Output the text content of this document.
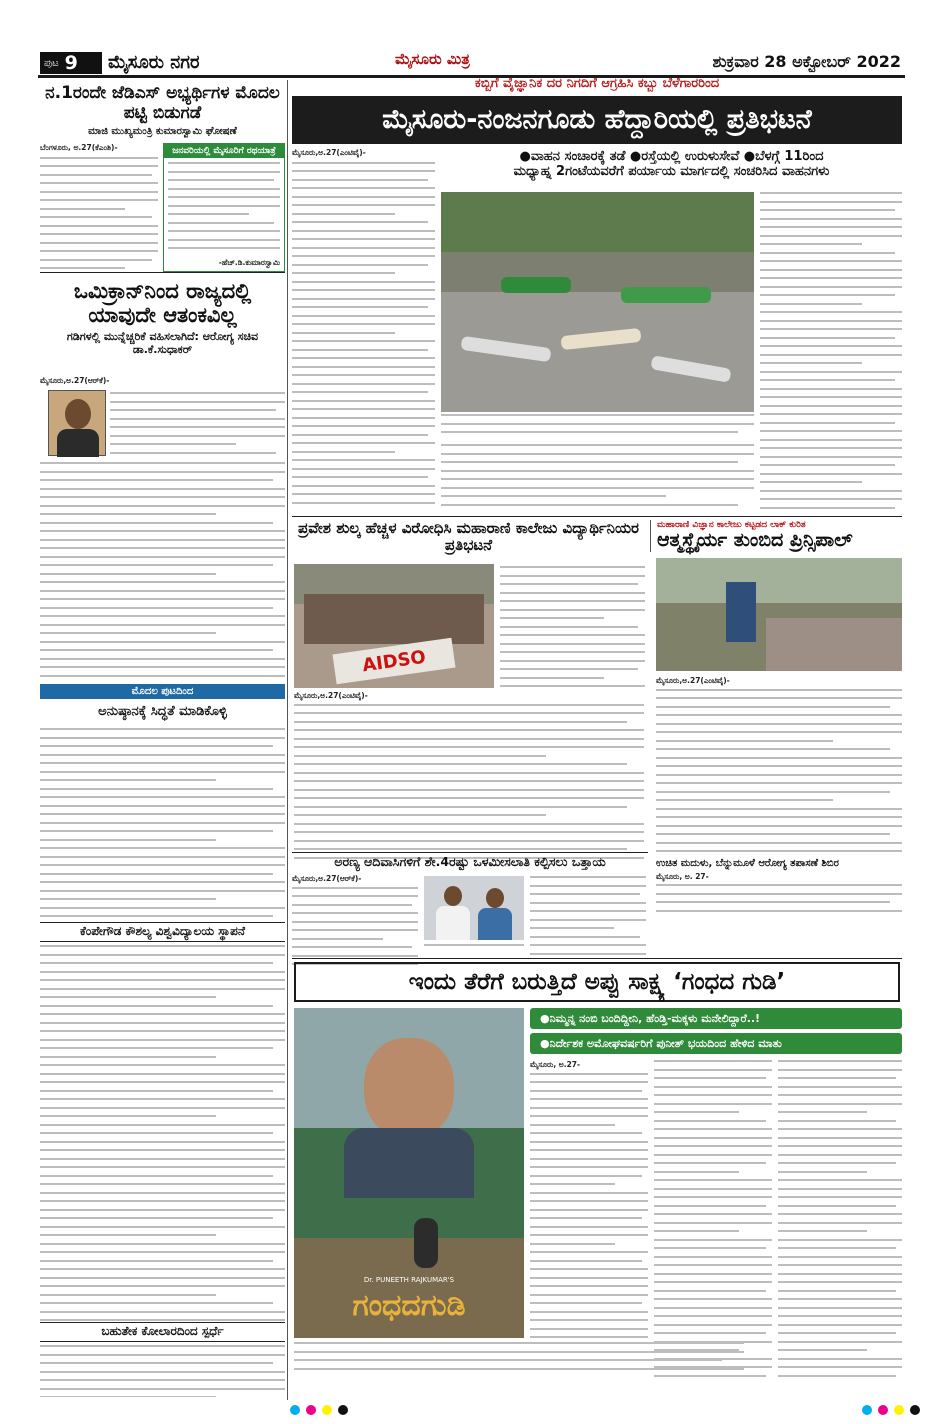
ಪುಟ 9 ಮೈಸೂರು ನಗರ	ಮೈಸೂರು ಮಿತ್ರ	ಶುಕ್ರವಾರ 28 ಅಕ್ಟೋಬರ್ 2022
ನ.1ರಂದೇ ಜೆಡಿಎಸ್ ಅಭ್ಯರ್ಥಿಗಳ ಮೊದಲ ಪಟ್ಟಿ ಬಿಡುಗಡೆ
ಮಾಜಿ ಮುಖ್ಯಮಂತ್ರಿ ಕುಮಾರಸ್ವಾಮಿ ಘೋಷಣೆ
ಬೆಂಗಳೂರು, ಅ.27(ಕೆಎಂಶಿ)-	ಜನವರಿಯಲ್ಲಿ ಮೈಸೂರಿಗೆ ರಥಯಾತ್ರೆ
-ಹೆಚ್.ಡಿ.ಕುಮಾರಸ್ವಾಮಿ
ಒಮಿಕ್ರಾನ್‌ನಿಂದ ರಾಜ್ಯದಲ್ಲಿ ಯಾವುದೇ ಆತಂಕವಿಲ್ಲ
ಗಡಿಗಳಲ್ಲಿ ಮುನ್ನೆಚ್ಚರಿಕೆ ವಹಿಸಲಾಗಿದೆ: ಆರೋಗ್ಯ ಸಚಿವ ಡಾ.ಕೆ.ಸುಧಾಕರ್
ಮೈಸೂರು,ಅ.27(ಆರ್‌ಕೆ)-
ಮೊದಲ ಪುಟದಿಂದ
ಅನುಷ್ಠಾನಕ್ಕೆ ಸಿದ್ಧತೆ ಮಾಡಿಕೊಳ್ಳಿ
ಕೆಂಪೇಗೌಡ ಕೌಶಲ್ಯ ವಿಶ್ವವಿದ್ಯಾಲಯ ಸ್ಥಾಪನೆ
ಬಹುತೇಕ ಕೋಲಾರದಿಂದ ಸ್ಪರ್ಧೆ
ಕಬ್ಬಿಗೆ ವೈಜ್ಞಾನಿಕ ದರ ನಿಗದಿಗೆ ಆಗ್ರಹಿಸಿ ಕಬ್ಬು ಬೆಳೆಗಾರರಿಂದ
ಮೈಸೂರು-ನಂಜನಗೂಡು ಹೆದ್ದಾರಿಯಲ್ಲಿ ಪ್ರತಿಭಟನೆ
ಮೈಸೂರು,ಅ.27(ಎಂಟಿವೈ)-	●ವಾಹನ ಸಂಚಾರಕ್ಕೆ ತಡೆ ●ರಸ್ತೆಯಲ್ಲಿ ಉರುಳುಸೇವೆ ●ಬೆಳಗ್ಗೆ 11ರಿಂದ
ಮಧ್ಯಾಹ್ನ 2ಗಂಟೆಯವರೆಗೆ ಪರ್ಯಾಯ ಮಾರ್ಗದಲ್ಲಿ ಸಂಚರಿಸಿದ ವಾಹನಗಳು
ಪ್ರವೇಶ ಶುಲ್ಕ ಹೆಚ್ಚಳ ವಿರೋಧಿಸಿ ಮಹಾರಾಣಿ ಕಾಲೇಜು ವಿದ್ಯಾರ್ಥಿನಿಯರ ಪ್ರತಿಭಟನೆ
AIDSO
ಮೈಸೂರು,ಅ.27(ಎಂಟಿವೈ)-
ಮಹಾರಾಣಿ ವಿಜ್ಞಾನ ಕಾಲೇಜು ಕಟ್ಟಡದ ಲಾಕ್ ಕುರಿತ
ಆತ್ಮಸ್ಥೈರ್ಯ ತುಂಬಿದ ಪ್ರಿನ್ಸಿಪಾಲ್
ಮೈಸೂರು,ಅ.27(ಎಂಟಿವೈ)-
ಅರಣ್ಯ ಆದಿವಾಸಿಗಳಿಗೆ ಶೇ.4ರಷ್ಟು ಒಳಮೀಸಲಾತಿ ಕಲ್ಪಿಸಲು ಒತ್ತಾಯ
ಮೈಸೂರು,ಅ.27(ಆರ್‌ಕೆ)-
ಉಚಿತ ಮದುಳು, ಬೆನ್ನುಮೂಳೆ ಆರೋಗ್ಯ ತಪಾಸಣೆ ಶಿಬಿರ
ಮೈಸೂರು, ಅ. 27-
ಇಂದು ತೆರೆಗೆ ಬರುತ್ತಿದೆ ಅಪ್ಪು ಸಾಕ್ಷ್ಯ ‘ಗಂಧದ ಗುಡಿ’
●ನಿಮ್ಮನ್ನ ನಂಬಿ ಬಂದಿದ್ದೀನಿ, ಹೆಂಡ್ತಿ-ಮಕ್ಕಳು ಮನೇಲಿದ್ದಾರೆ..!
●ನಿರ್ದೇಶಕ ಅಮೋಘವರ್ಷರಿಗೆ ಪುನೀತ್ ಭಯದಿಂದ ಹೇಳಿದ ಮಾತು
Dr. PUNEETH RAJKUMAR'S
ಗಂಧದಗುಡಿ
ಮೈಸೂರು, ಅ.27-
